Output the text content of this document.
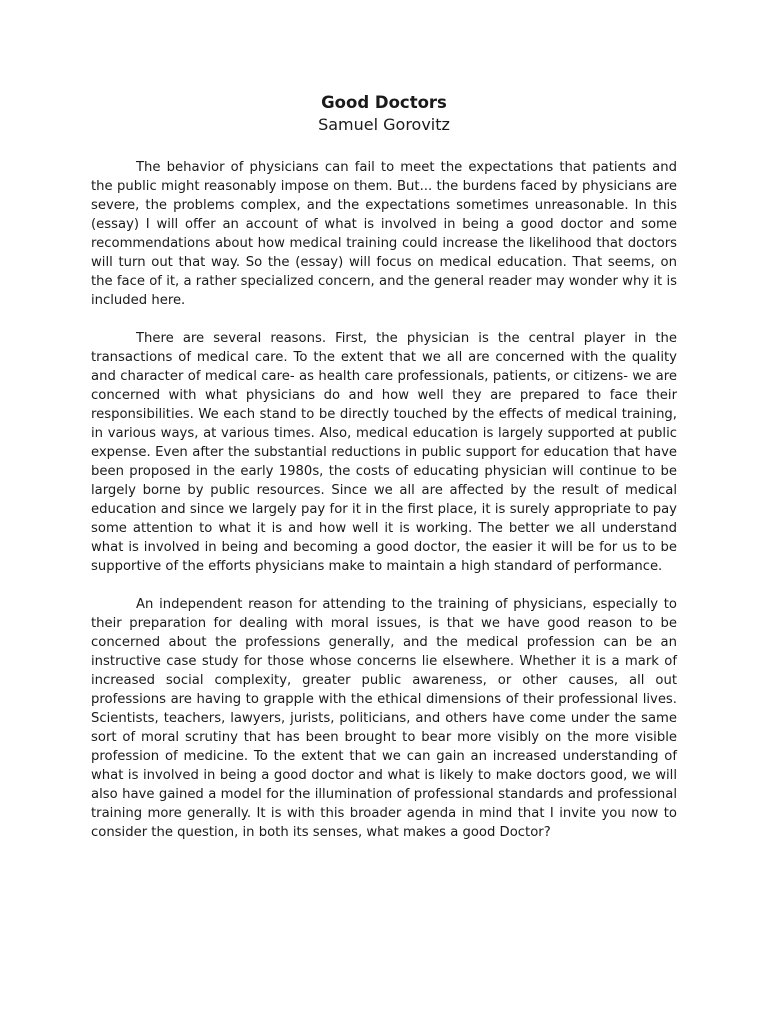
Good Doctors
Samuel Gorovitz

The behavior of physicians can fail to meet the expectations that patients and the public might reasonably impose on them. But... the burdens faced by physicians are severe, the problems complex, and the expectations sometimes unreasonable. In this (essay) I will offer an account of what is involved in being a good doctor and some recommendations about how medical training could increase the likelihood that doctors will turn out that way. So the (essay) will focus on medical education. That seems, on the face of it, a rather specialized concern, and the general reader may wonder why it is included here.

There are several reasons. First, the physician is the central player in the transactions of medical care. To the extent that we all are concerned with the quality and character of medical care- as health care professionals, patients, or citizens- we are concerned with what physicians do and how well they are prepared to face their responsibilities. We each stand to be directly touched by the effects of medical training, in various ways, at various times. Also, medical education is largely supported at public expense. Even after the substantial reductions in public support for education that have been proposed in the early 1980s, the costs of educating physician will continue to be largely borne by public resources. Since we all are affected by the result of medical education and since we largely pay for it in the first place, it is surely appropriate to pay some attention to what it is and how well it is working. The better we all understand what is involved in being and becoming a good doctor, the easier it will be for us to be supportive of the efforts physicians make to maintain a high standard of performance.

An independent reason for attending to the training of physicians, especially to their preparation for dealing with moral issues, is that we have good reason to be concerned about the professions generally, and the medical profession can be an instructive case study for those whose concerns lie elsewhere. Whether it is a mark of increased social complexity, greater public awareness, or other causes, all out professions are having to grapple with the ethical dimensions of their professional lives. Scientists, teachers, lawyers, jurists, politicians, and others have come under the same sort of moral scrutiny that has been brought to bear more visibly on the more visible profession of medicine. To the extent that we can gain an increased understanding of what is involved in being a good doctor and what is likely to make doctors good, we will also have gained a model for the illumination of professional standards and professional training more generally. It is with this broader agenda in mind that I invite you now to consider the question, in both its senses, what makes a good Doctor?
